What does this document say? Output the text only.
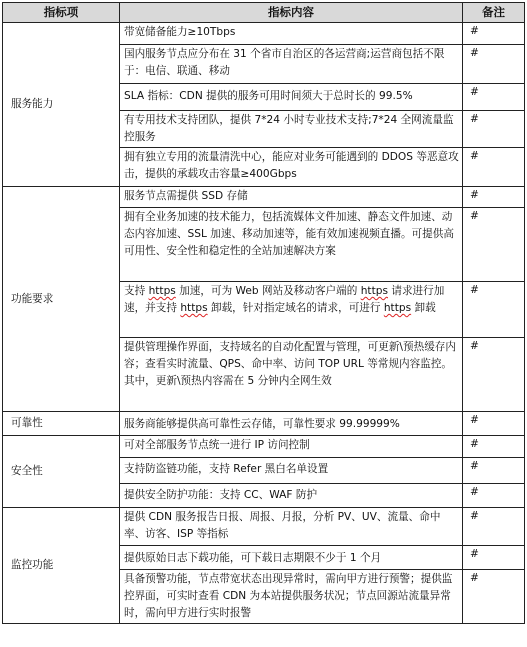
指标项	指标内容	备注
服务能力	带宽储备能力≥10Tbps	#
	国内服务节点应分布在 31 个省市自治区的各运营商;运营商包括不限于：电信、联通、移动	#
	SLA 指标：CDN 提供的服务可用时间须大于总时长的 99.5%	#
	有专用技术支持团队，提供 7*24 小时专业技术支持;7*24 全网流量监控服务	#
	拥有独立专用的流量清洗中心，能应对业务可能遇到的 DDOS 等恶意攻击，提供的承载攻击容量≥400Gbps	#
功能要求	服务节点需提供 SSD 存储	#
	拥有全业务加速的技术能力，包括流媒体文件加速、静态文件加速、动态内容加速、SSL 加速、移动加速等，能有效加速视频直播。可提供高可用性、安全性和稳定性的全站加速解决方案	#
	支持 https 加速，可为 Web 网站及移动客户端的 https 请求进行加速，并支持 https 卸载，针对指定域名的请求，可进行 https 卸载	#
	提供管理操作界面，支持域名的自动化配置与管理，可更新\预热缓存内容；查看实时流量、QPS、命中率、访问 TOP URL 等常规内容监控。其中，更新\预热内容需在 5 分钟内全网生效	#
可靠性	服务商能够提供高可靠性云存储，可靠性要求 99.99999%	#
安全性	可对全部服务节点统一进行 IP 访问控制	#
	支持防盗链功能，支持 Refer 黑白名单设置	#
	提供安全防护功能：支持 CC、WAF 防护	#
监控功能	提供 CDN 服务报告日报、周报、月报，分析 PV、UV、流量、命中率、访客、ISP 等指标	#
	提供原始日志下载功能，可下载日志期限不少于 1 个月	#
	具备预警功能，节点带宽状态出现异常时，需向甲方进行预警；提供监控界面，可实时查看 CDN 为本站提供服务状况；节点回源站流量异常时，需向甲方进行实时报警	#
